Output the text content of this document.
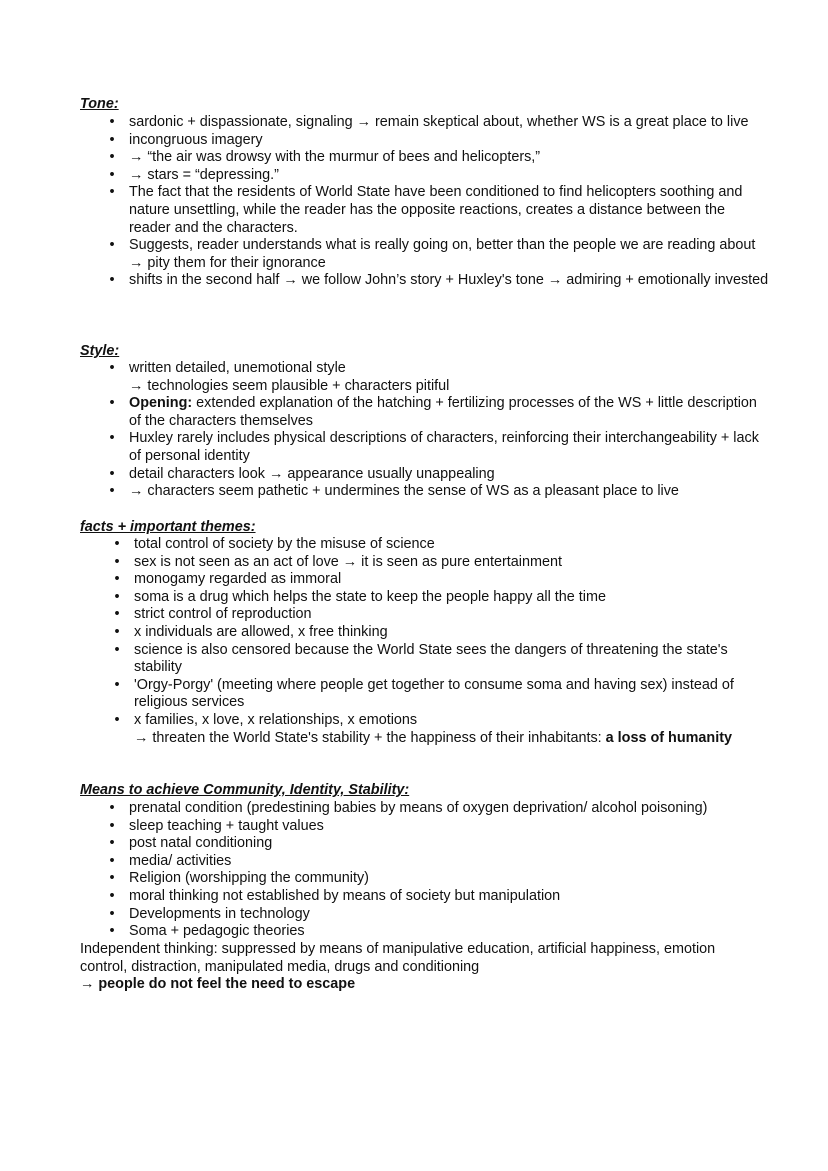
Tone:
• sardonic + dispassionate, signaling → remain skeptical about, whether WS is a great place to live
• incongruous imagery
• → “the air was drowsy with the murmur of bees and helicopters,”
• → stars = “depressing.”
• The fact that the residents of World State have been conditioned to find helicopters soothing and nature unsettling, while the reader has the opposite reactions, creates a distance between the reader and the characters.
• Suggests, reader understands what is really going on, better than the people we are reading about → pity them for their ignorance
• shifts in the second half → we follow John’s story + Huxley's tone → admiring + emotionally invested
Style:
• written detailed, unemotional style
→ technologies seem plausible + characters pitiful
• Opening: extended explanation of the hatching + fertilizing processes of the WS + little description of the characters themselves
• Huxley rarely includes physical descriptions of characters, reinforcing their interchangeability + lack of personal identity
• detail characters look → appearance usually unappealing
• → characters seem pathetic + undermines the sense of WS as a pleasant place to live
facts + important themes:
• total control of society by the misuse of science
• sex is not seen as an act of love → it is seen as pure entertainment
• monogamy regarded as immoral
• soma is a drug which helps the state to keep the people happy all the time
• strict control of reproduction
• x individuals are allowed, x free thinking
• science is also censored because the World State sees the dangers of threatening the state's stability
• 'Orgy-Porgy' (meeting where people get together to consume soma and having sex) instead of religious services
• x families, x love, x relationships, x emotions
→ threaten the World State's stability + the happiness of their inhabitants: a loss of humanity
Means to achieve Community, Identity, Stability:
• prenatal condition (predestining babies by means of oxygen deprivation/ alcohol poisoning)
• sleep teaching + taught values
• post natal conditioning
• media/ activities
• Religion (worshipping the community)
• moral thinking not established by means of society but manipulation
• Developments in technology
• Soma + pedagogic theories

Independent thinking: suppressed by means of manipulative education, artificial happiness, emotion control, distraction, manipulated media, drugs and conditioning

→ people do not feel the need to escape
